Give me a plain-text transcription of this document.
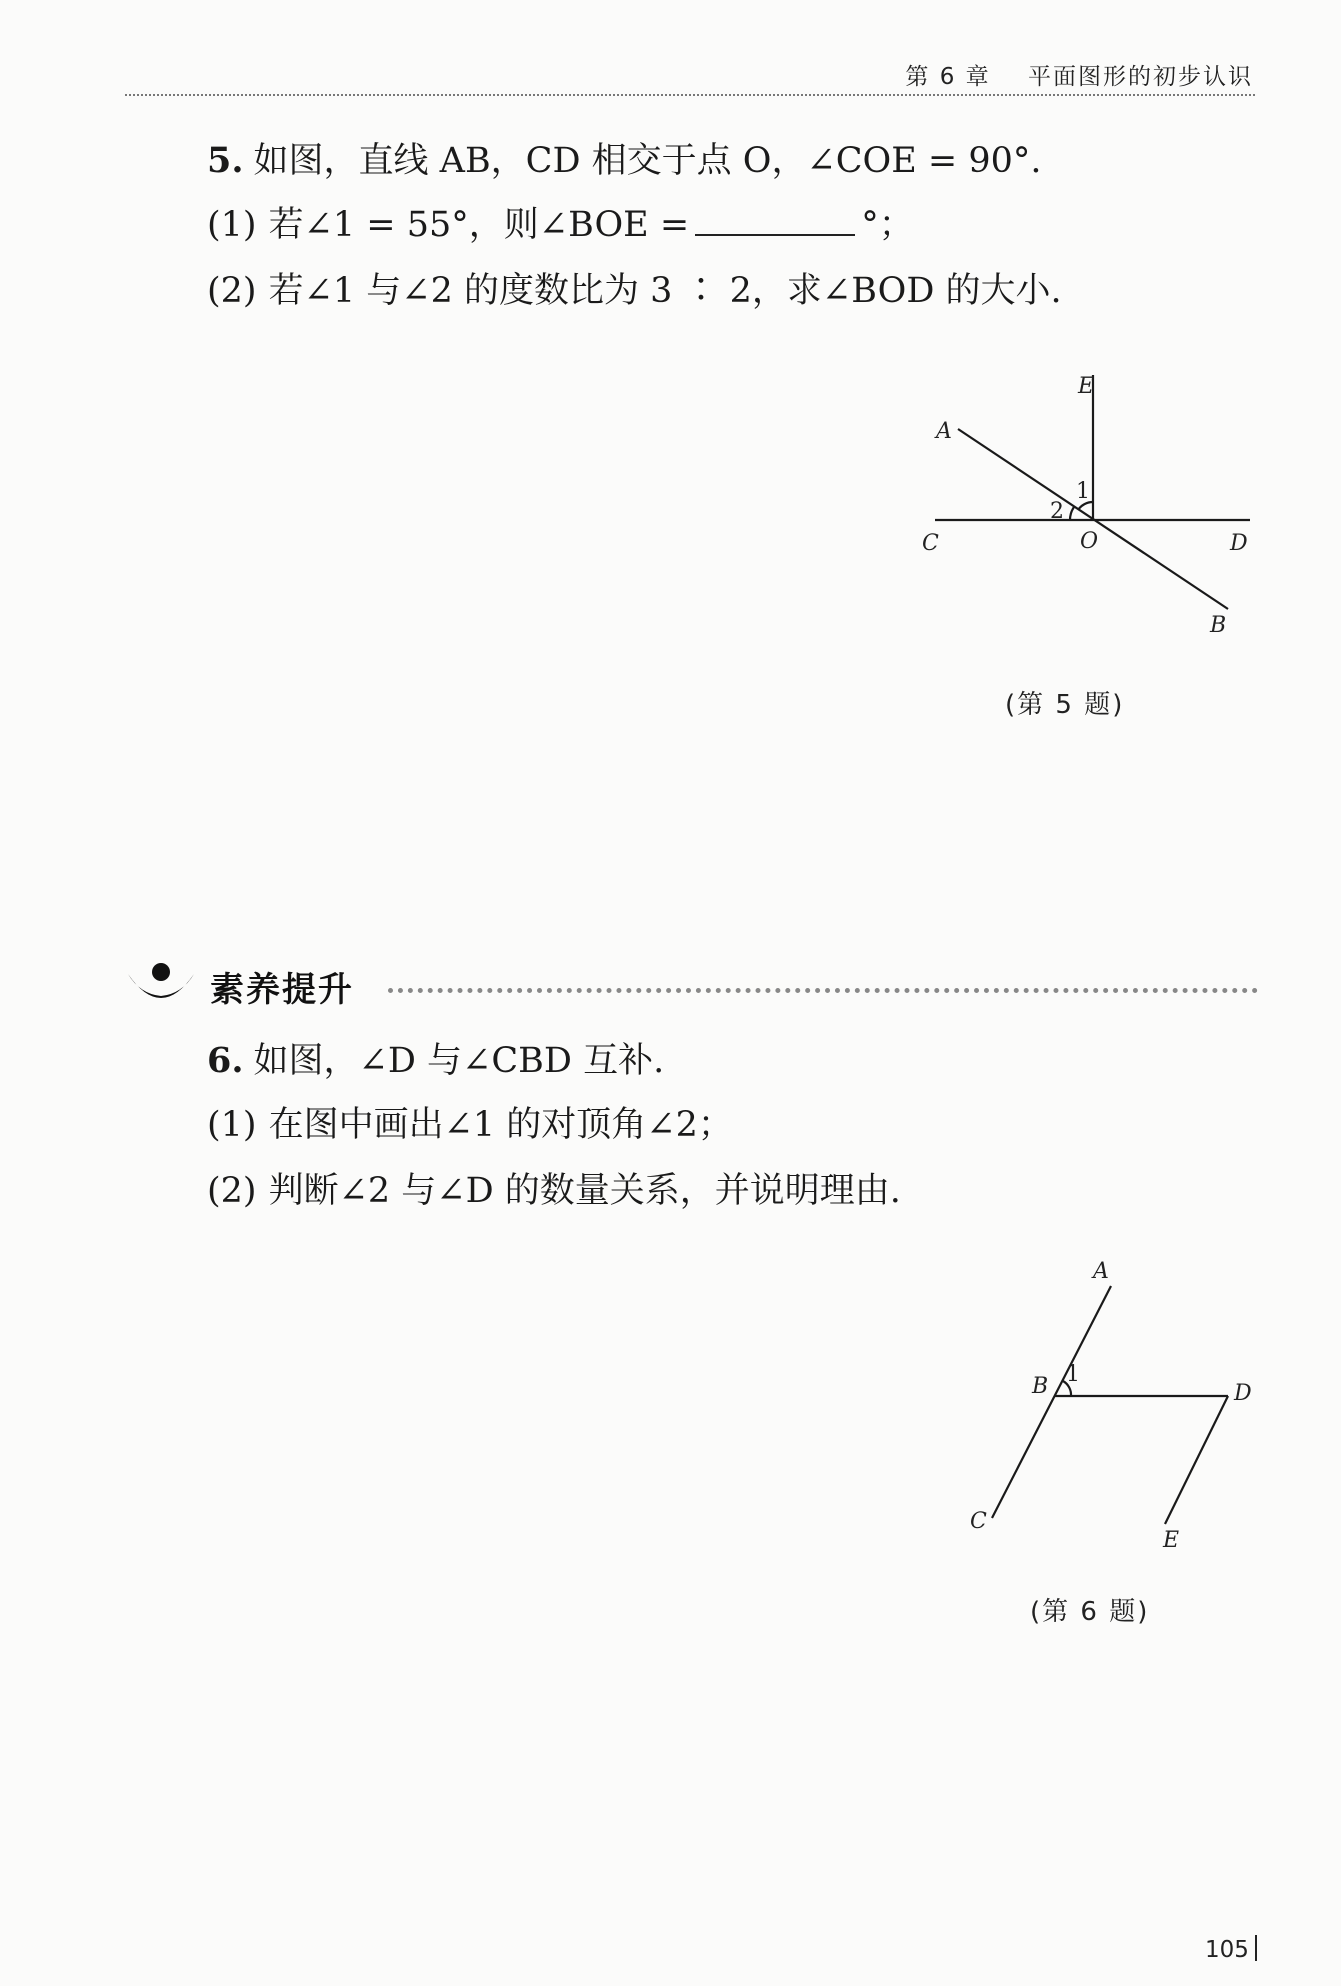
第 6 章 平面图形的初步认识
5. 如图，直线 AB，CD 相交于点 O，∠COE = 90°.
(1) 若∠1 = 55°，则∠BOE =	°；
(2) 若∠1 与∠2 的度数比为 3 ∶ 2，求∠BOD 的大小.
E
A
1
2
C	O	D
B
(第 5 题)
素养提升
6. 如图，∠D 与∠CBD 互补.
(1) 在图中画出∠1 的对顶角∠2；
(2) 判断∠2 与∠D 的数量关系，并说明理由.
A
B 1
D
C
E
(第 6 题)
105
